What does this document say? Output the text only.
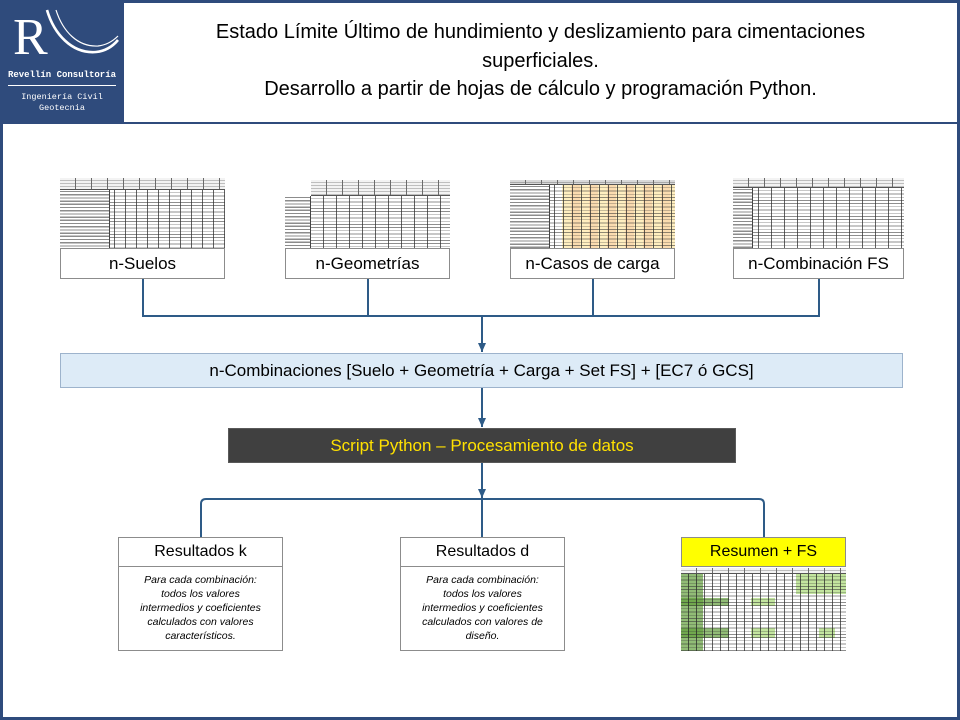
R
Revellín Consultoría
Ingeniería Civil
Geotecnia
Estado Límite Último de hundimiento y deslizamiento para cimentaciones
superficiales.
Desarrollo a partir de hojas de cálculo y programación Python.
n-Suelos	n-Geometrías	n-Casos de carga	n-Combinación FS
n-Combinaciones [Suelo + Geometría + Carga + Set FS] + [EC7 ó GCS]
Script Python – Procesamiento de datos
Resultados k
Para cada combinación:
todos los valores
intermedios y coeficientes
calculados con valores
característicos.
Resultados d
Para cada combinación:
todos los valores
intermedios y coeficientes
calculados con valores de
diseño.
Resumen + FS
